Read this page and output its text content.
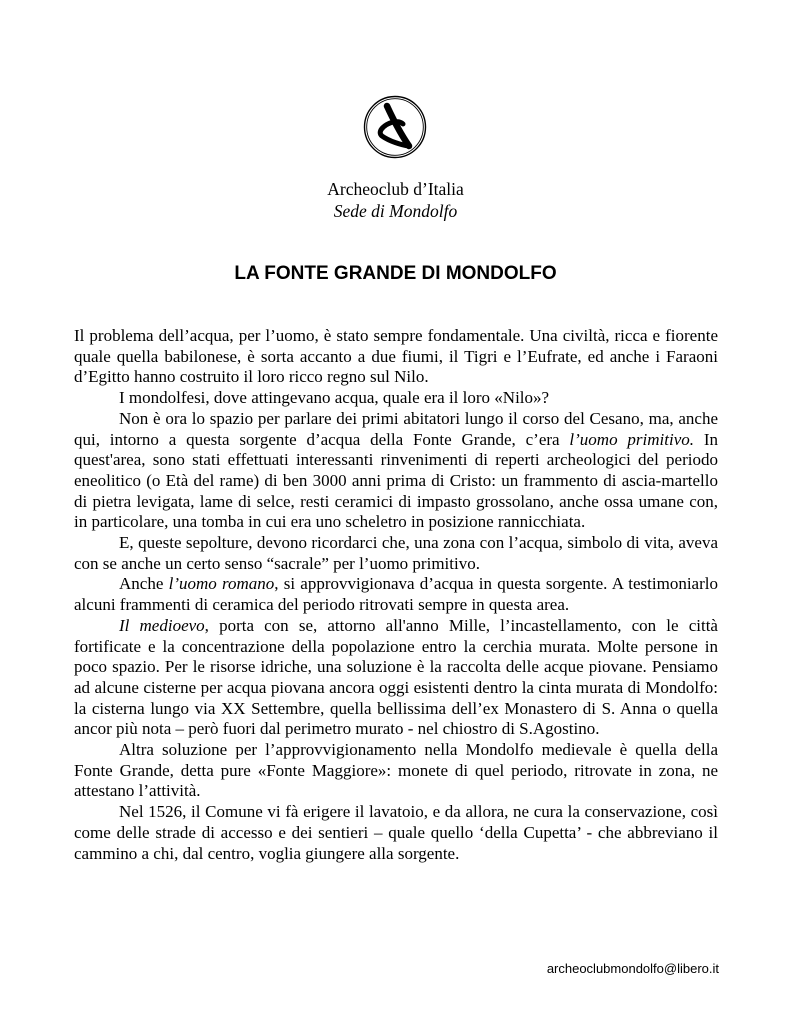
Archeoclub d’Italia
Sede di Mondolfo
LA FONTE GRANDE DI MONDOLFO

Il problema dell’acqua, per l’uomo, è stato sempre fondamentale. Una civiltà, ricca e fiorente quale quella babilonese, è sorta accanto a due fiumi, il Tigri e l’Eufrate, ed anche i Faraoni d’Egitto hanno costruito il loro ricco regno sul Nilo.

I mondolfesi, dove attingevano acqua, quale era il loro «Nilo»?

Non è ora lo spazio per parlare dei primi abitatori lungo il corso del Cesano, ma, anche qui, intorno a questa sorgente d’acqua della Fonte Grande, c’era l’uomo primitivo. In quest'area, sono stati effettuati interessanti rinvenimenti di reperti archeologici del periodo eneolitico (o Età del rame) di ben 3000 anni prima di Cristo: un frammento di ascia-martello di pietra levigata, lame di selce, resti ceramici di impasto grossolano, anche ossa umane con, in particolare, una tomba in cui era uno scheletro in posizione rannicchiata.

E, queste sepolture, devono ricordarci che, una zona con l’acqua, simbolo di vita, aveva con se anche un certo senso “sacrale” per l’uomo primitivo.

Anche l’uomo romano, si approvvigionava d’acqua in questa sorgente. A testimoniarlo alcuni frammenti di ceramica del periodo ritrovati sempre in questa area.

Il medioevo, porta con se, attorno all'anno Mille, l’incastellamento, con le città fortificate e la concentrazione della popolazione entro la cerchia murata. Molte persone in poco spazio. Per le risorse idriche, una soluzione è la raccolta delle acque piovane. Pensiamo ad alcune cisterne per acqua piovana ancora oggi esistenti dentro la cinta murata di Mondolfo: la cisterna lungo via XX Settembre, quella bellissima dell’ex Monastero di S. Anna o quella ancor più nota – però fuori dal perimetro murato - nel chiostro di S.Agostino.

Altra soluzione per l’approvvigionamento nella Mondolfo medievale è quella della Fonte Grande, detta pure «Fonte Maggiore»: monete di quel periodo, ritrovate in zona, ne attestano l’attività.

Nel 1526, il Comune vi fà erigere il lavatoio, e da allora, ne cura la conservazione, così come delle strade di accesso e dei sentieri – quale quello ‘della Cupetta’ - che abbreviano il cammino a chi, dal centro, voglia giungere alla sorgente.

archeoclubmondolfo@libero.it
